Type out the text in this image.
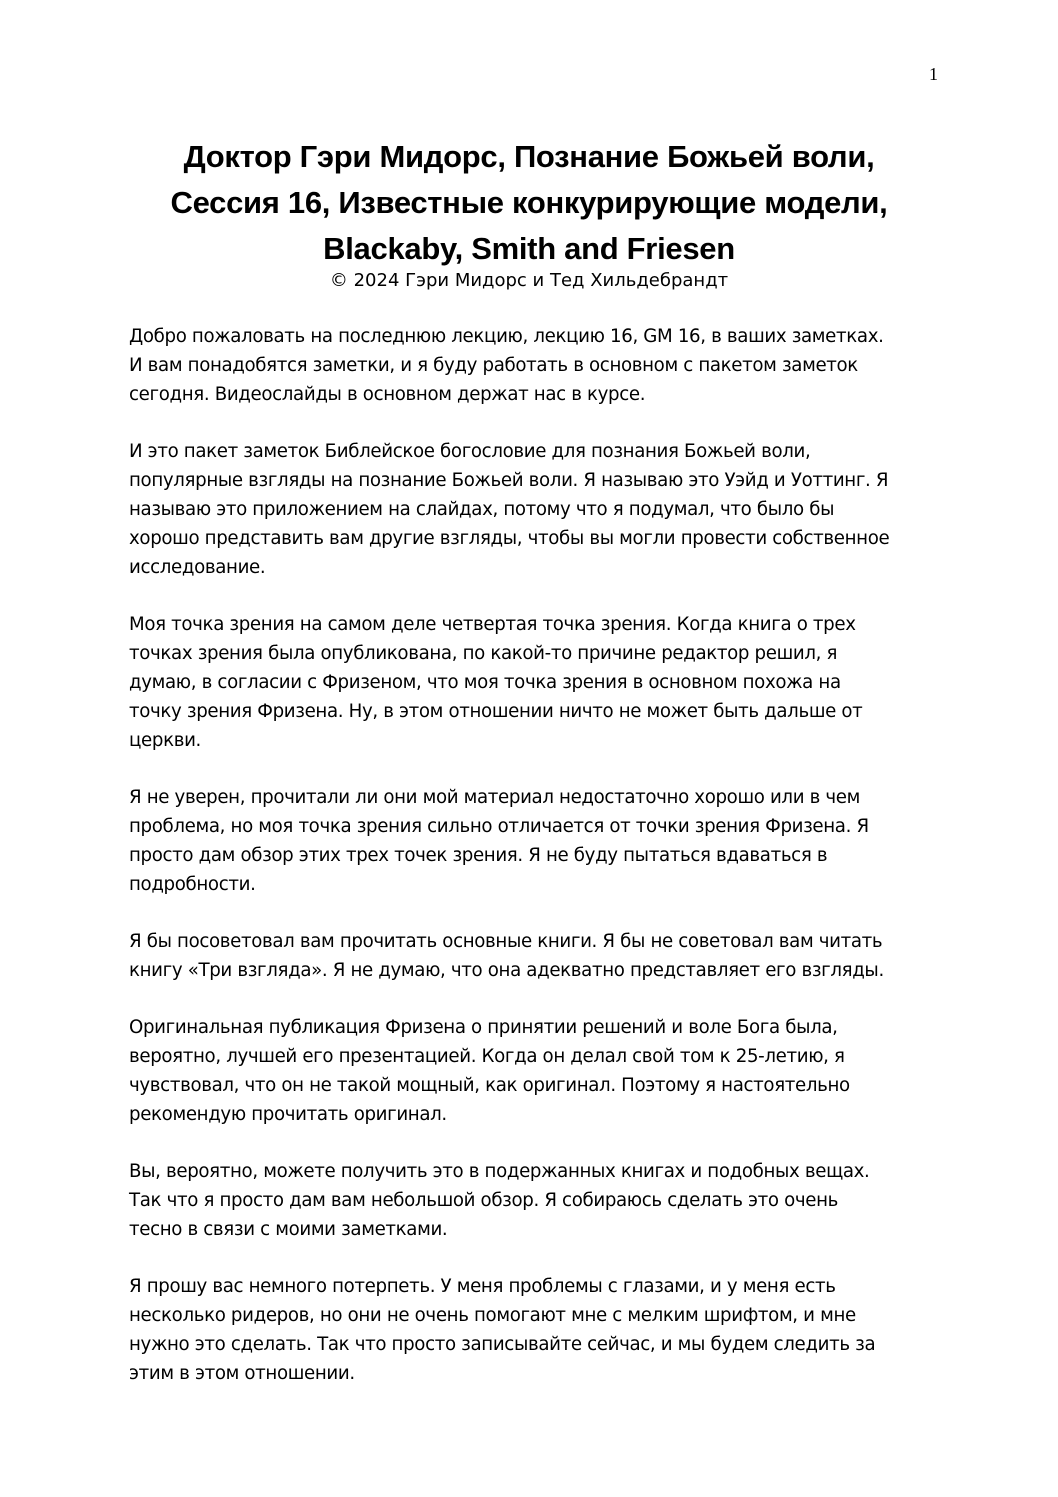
1
Доктор Гэри Мидорс, Познание Божьей воли,
Сессия 16, Известные конкурирующие модели,
Blackaby, Smith and Friesen
© 2024 Гэри Мидорс и Тед Хильдебрандт

Добро пожаловать на последнюю лекцию, лекцию 16, GM 16, в ваших заметках.
И вам понадобятся заметки, и я буду работать в основном с пакетом заметок
сегодня. Видеослайды в основном держат нас в курсе.

И это пакет заметок Библейское богословие для познания Божьей воли,
популярные взгляды на познание Божьей воли. Я называю это Уэйд и Уоттинг. Я
называю это приложением на слайдах, потому что я подумал, что было бы
хорошо представить вам другие взгляды, чтобы вы могли провести собственное
исследование.

Моя точка зрения на самом деле четвертая точка зрения. Когда книга о трех
точках зрения была опубликована, по какой-то причине редактор решил, я
думаю, в согласии с Фризеном, что моя точка зрения в основном похожа на
точку зрения Фризена. Ну, в этом отношении ничто не может быть дальше от
церкви.

Я не уверен, прочитали ли они мой материал недостаточно хорошо или в чем
проблема, но моя точка зрения сильно отличается от точки зрения Фризена. Я
просто дам обзор этих трех точек зрения. Я не буду пытаться вдаваться в
подробности.

Я бы посоветовал вам прочитать основные книги. Я бы не советовал вам читать
книгу «Три взгляда». Я не думаю, что она адекватно представляет его взгляды.

Оригинальная публикация Фризена о принятии решений и воле Бога была,
вероятно, лучшей его презентацией. Когда он делал свой том к 25-летию, я
чувствовал, что он не такой мощный, как оригинал. Поэтому я настоятельно
рекомендую прочитать оригинал.

Вы, вероятно, можете получить это в подержанных книгах и подобных вещах.
Так что я просто дам вам небольшой обзор. Я собираюсь сделать это очень
тесно в связи с моими заметками.

Я прошу вас немного потерпеть. У меня проблемы с глазами, и у меня есть
несколько ридеров, но они не очень помогают мне с мелким шрифтом, и мне
нужно это сделать. Так что просто записывайте сейчас, и мы будем следить за
этим в этом отношении.
